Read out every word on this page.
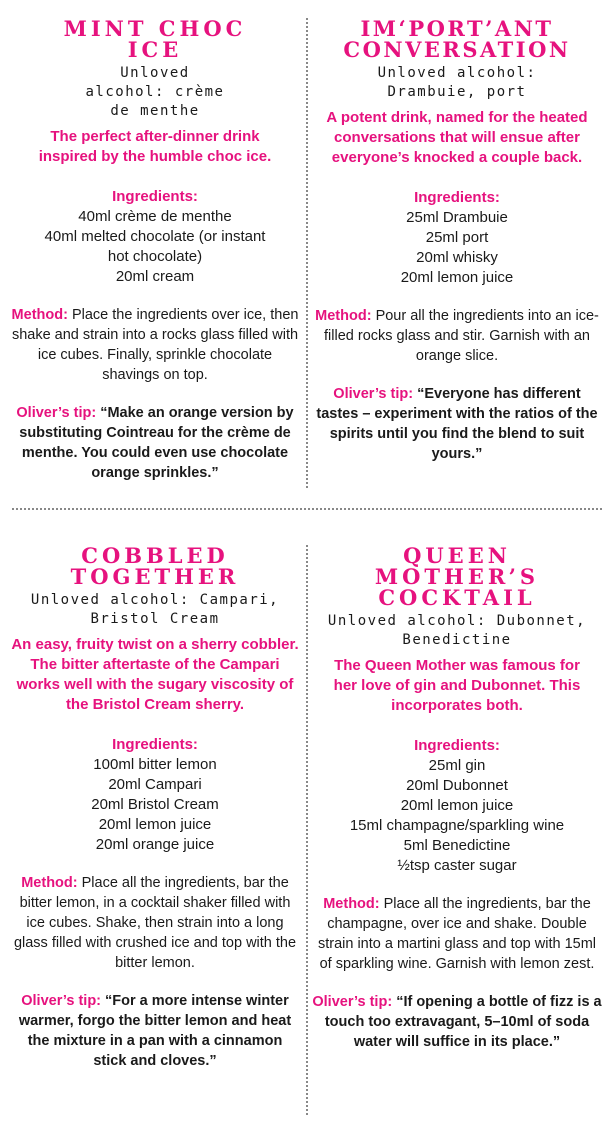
MINT CHOC ICE
Unloved alcohol: crème de menthe
The perfect after-dinner drink inspired by the humble choc ice.
Ingredients:
40ml crème de menthe
40ml melted chocolate (or instant hot chocolate)
20ml cream
Method: Place the ingredients over ice, then shake and strain into a rocks glass filled with ice cubes. Finally, sprinkle chocolate shavings on top.
Oliver’s tip: “Make an orange version by substituting Cointreau for the crème de menthe. You could even use chocolate orange sprinkles.”
IM‘PORT’ANT CONVERSATION
Unloved alcohol: Drambuie, port
A potent drink, named for the heated conversations that will ensue after everyone’s knocked a couple back.
Ingredients:
25ml Drambuie
25ml port
20ml whisky
20ml lemon juice
Method: Pour all the ingredients into an ice-filled rocks glass and stir. Garnish with an orange slice.
Oliver’s tip: “Everyone has different tastes – experiment with the ratios of the spirits until you find the blend to suit yours.”
COBBLED TOGETHER
Unloved alcohol: Campari, Bristol Cream
An easy, fruity twist on a sherry cobbler. The bitter aftertaste of the Campari works well with the sugary viscosity of the Bristol Cream sherry.
Ingredients:
100ml bitter lemon
20ml Campari
20ml Bristol Cream
20ml lemon juice
20ml orange juice
Method: Place all the ingredients, bar the bitter lemon, in a cocktail shaker filled with ice cubes. Shake, then strain into a long glass filled with crushed ice and top with the bitter lemon.
Oliver’s tip: “For a more intense winter warmer, forgo the bitter lemon and heat the mixture in a pan with a cinnamon stick and cloves.”
QUEEN MOTHER’S COCKTAIL
Unloved alcohol: Dubonnet, Benedictine
The Queen Mother was famous for her love of gin and Dubonnet. This incorporates both.
Ingredients:
25ml gin
20ml Dubonnet
20ml lemon juice
15ml champagne/sparkling wine
5ml Benedictine
½tsp caster sugar
Method: Place all the ingredients, bar the champagne, over ice and shake. Double strain into a martini glass and top with 15ml of sparkling wine. Garnish with lemon zest.
Oliver’s tip: “If opening a bottle of fizz is a touch too extravagant, 5–10ml of soda water will suffice in its place.”
